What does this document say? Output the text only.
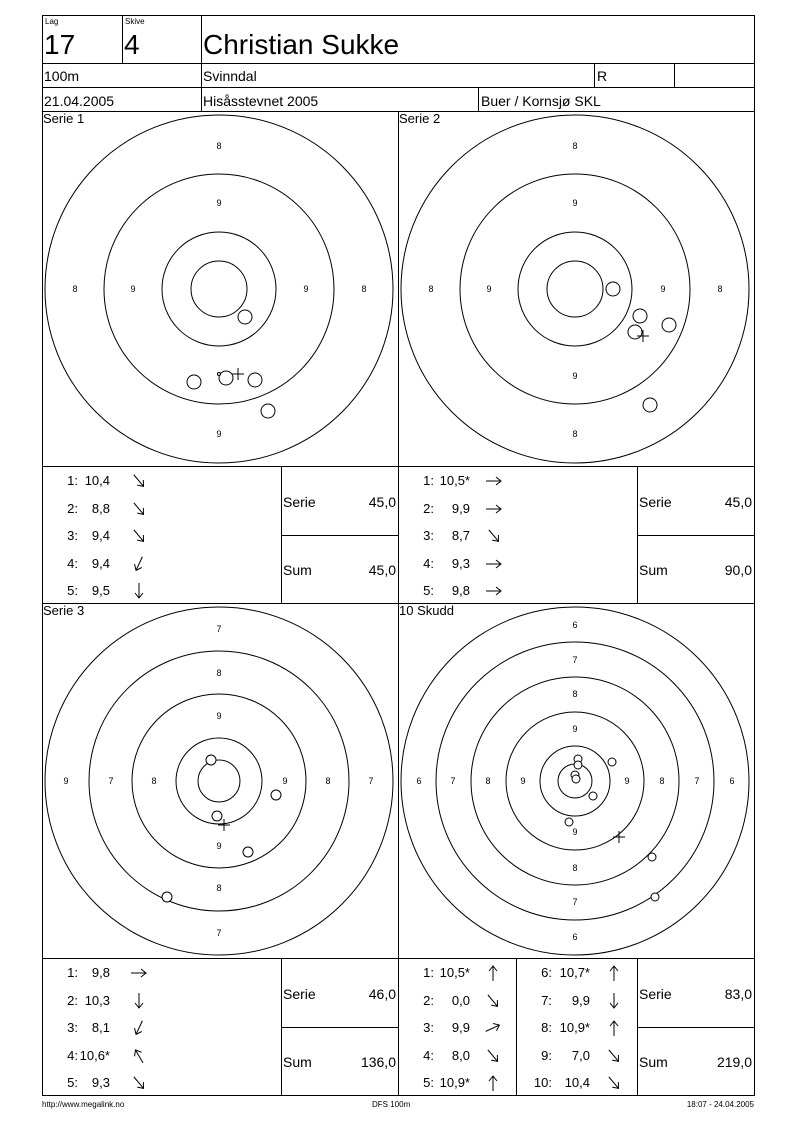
Lag
17
Skive
4 Christian Sukke
100m	Svinndal	R
21.04.2005	Hisåsstevnet 2005	Buer / Kornsjø SKL
Serie 1	Serie 2
Serie 3	10 Skudd
8
9
8	9	9	8
9
8
9
8	9	9	8
9
8
7
8
9	7	8	9
9
8	7
9
8
7
6
7
8
9
6	7	8	9	9	8	7	6
9
8
7
6
1: 10,4
2:	8,8
3:	9,4
4:	9,4
5:	9,5
1: 10,5*
2:	9,9
3:	8,7
4:	9,3
5:	9,8
1:	9,8
2: 10,3
3:	8,1
4: 10,6*
5:	9,3
1: 10,5*
2:	0,0
3:	9,9
4:	8,0
5: 10,9*
6: 10,7*
7:	9,9
8: 10,9*
9:	7,0
10: 10,4
Serie	45,0
Sum	45,0
Serie	45,0
Sum	90,0
Serie	46,0
Sum	136,0
Serie	83,0
Sum	219,0
http://www.megalink.no	DFS 100m	18:07 - 24.04.2005
